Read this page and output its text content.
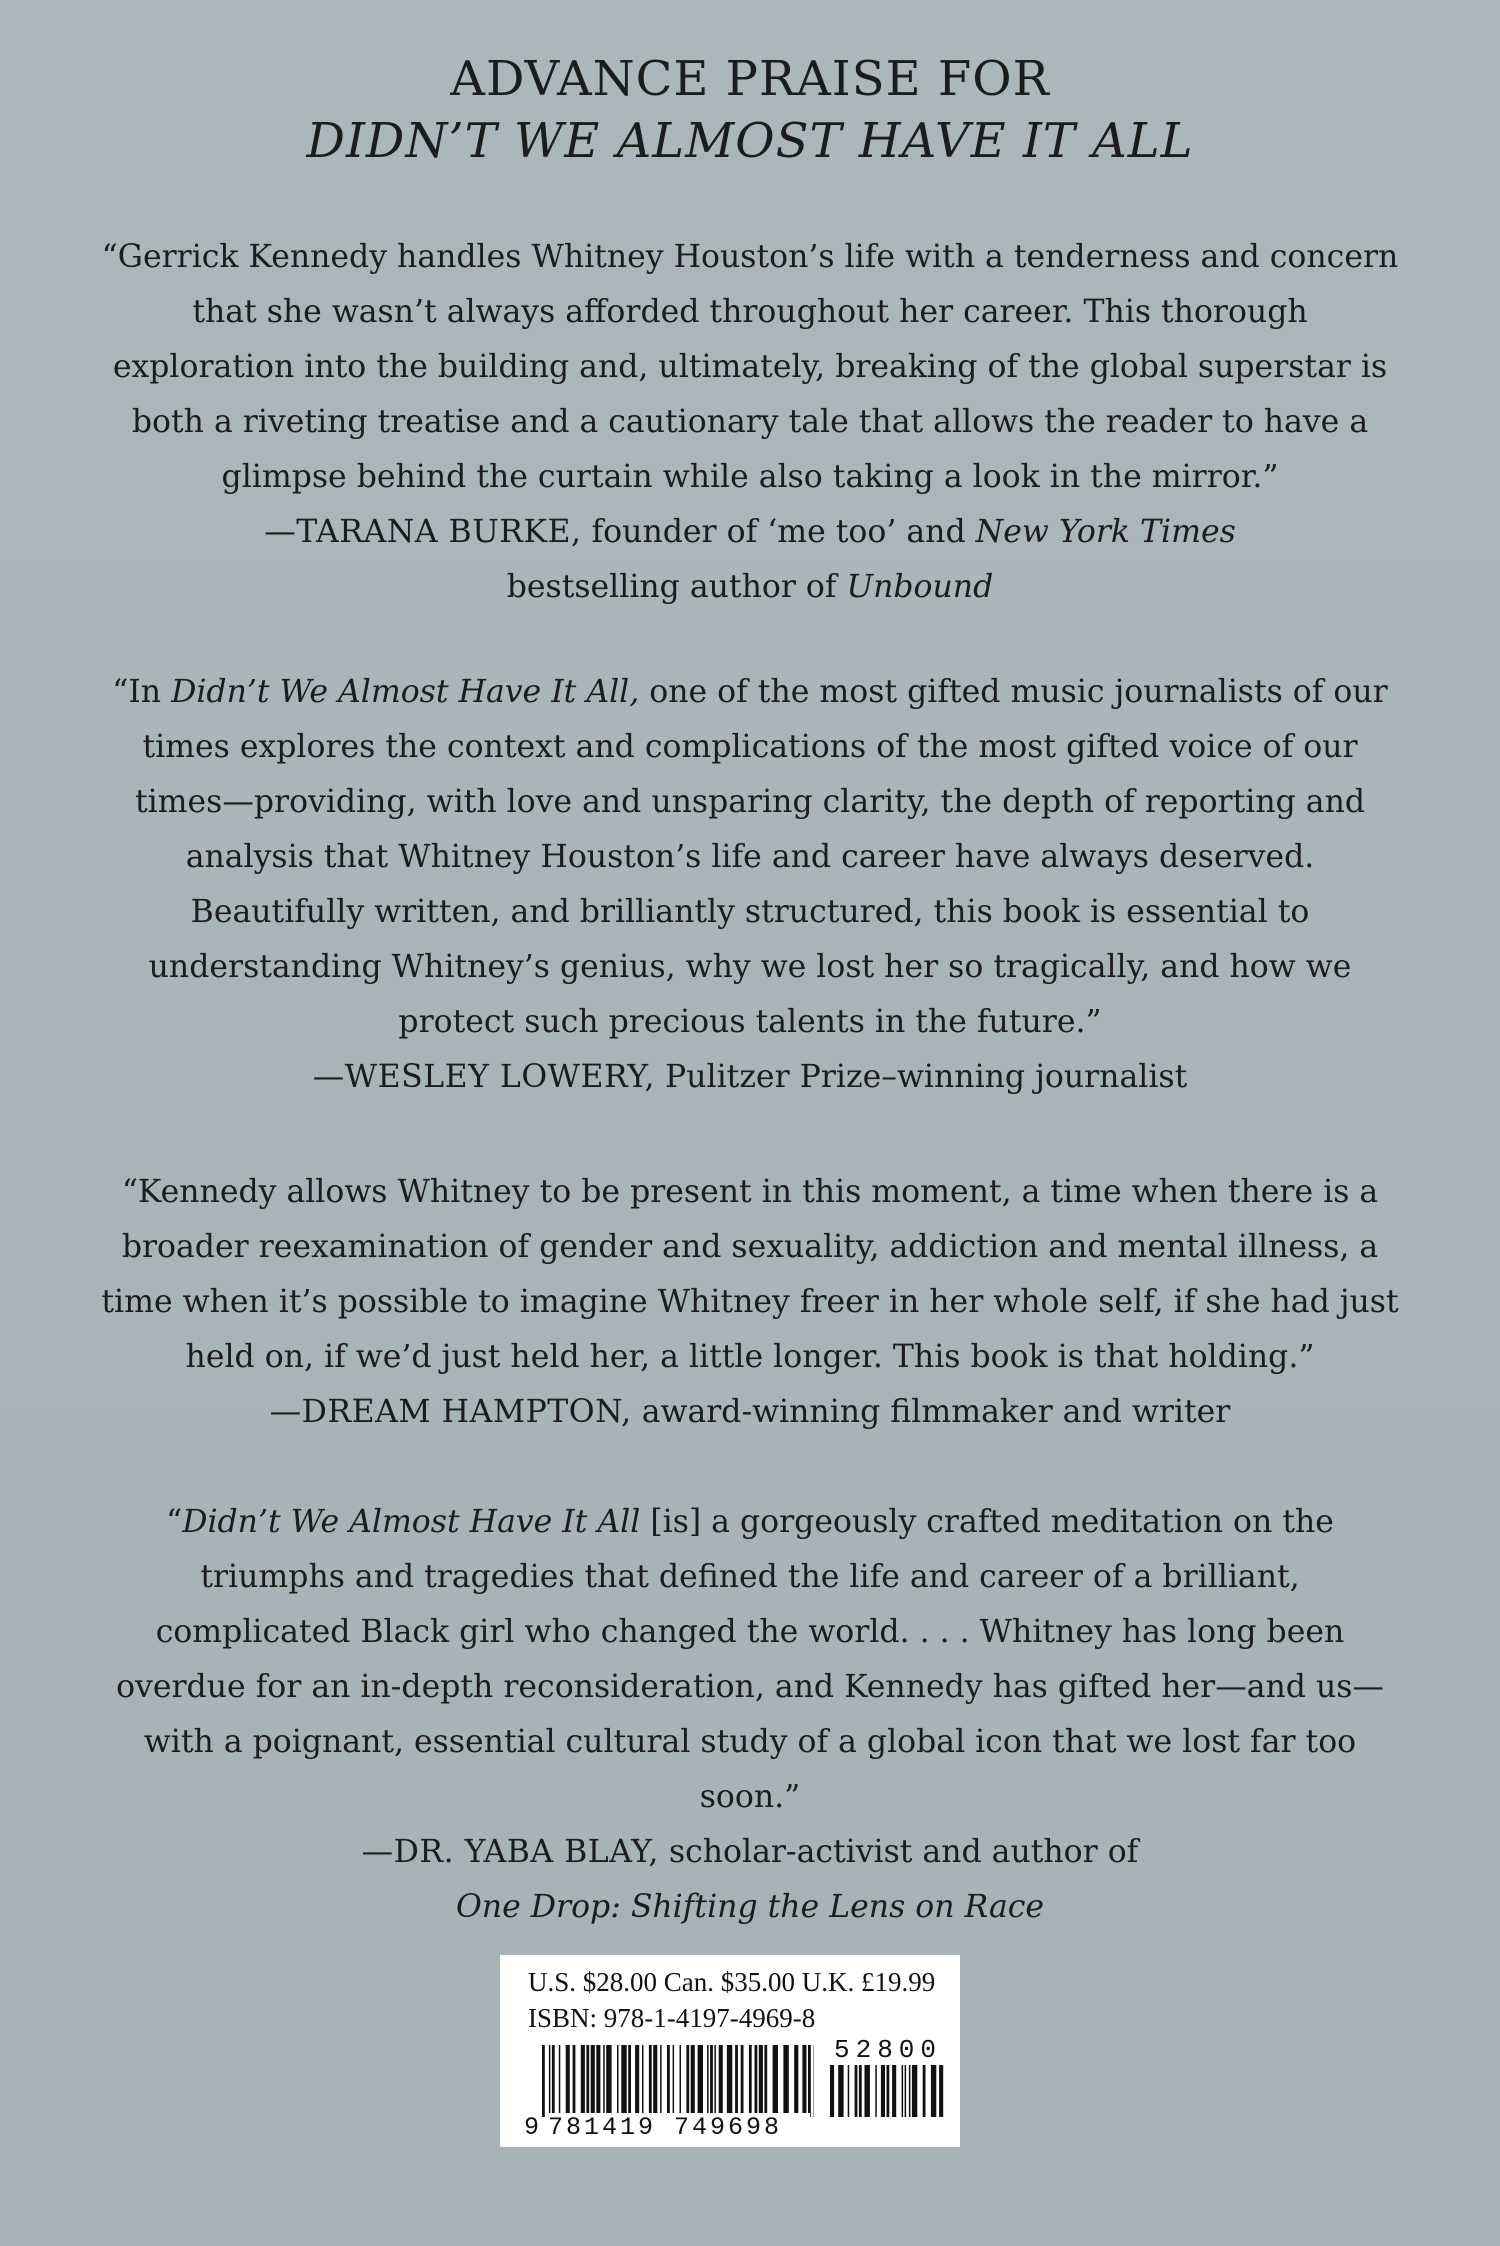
ADVANCE PRAISE FOR
DIDN’T WE ALMOST HAVE IT ALL

“Gerrick Kennedy handles Whitney Houston’s life with a tenderness and concern that she wasn’t always afforded throughout her career. This thorough exploration into the building and, ultimately, breaking of the global superstar is both a riveting treatise and a cautionary tale that allows the reader to have a glimpse behind the curtain while also taking a look in the mirror.”

—TARANA BURKE, founder of ‘me too’ and New York Times

bestselling author of Unbound

“In Didn’t We Almost Have It All, one of the most gifted music journalists of our times explores the context and complications of the most gifted voice of our times—providing, with love and unsparing clarity, the depth of reporting and analysis that Whitney Houston’s life and career have always deserved. Beautifully written, and brilliantly structured, this book is essential to understanding Whitney’s genius, why we lost her so tragically, and how we protect such precious talents in the future.”

—WESLEY LOWERY, Pulitzer Prize–winning journalist

“Kennedy allows Whitney to be present in this moment, a time when there is a broader reexamination of gender and sexuality, addiction and mental illness, a time when it’s possible to imagine Whitney freer in her whole self, if she had just held on, if we’d just held her, a little longer. This book is that holding.”

—DREAM HAMPTON, award-winning filmmaker and writer

“Didn’t We Almost Have It All [is] a gorgeously crafted meditation on the triumphs and tragedies that defined the life and career of a brilliant, complicated Black girl who changed the world. . . . Whitney has long been overdue for an in-depth reconsideration, and Kennedy has gifted her—and us—with a poignant, essential cultural study of a global icon that we lost far too soon.”

—DR. YABA BLAY, scholar-activist and author of

One Drop: Shifting the Lens on Race

U.S. $28.00 Can. $35.00 U.K. £19.99
ISBN: 978-1-4197-4969-8
52800
9 781419 749698
